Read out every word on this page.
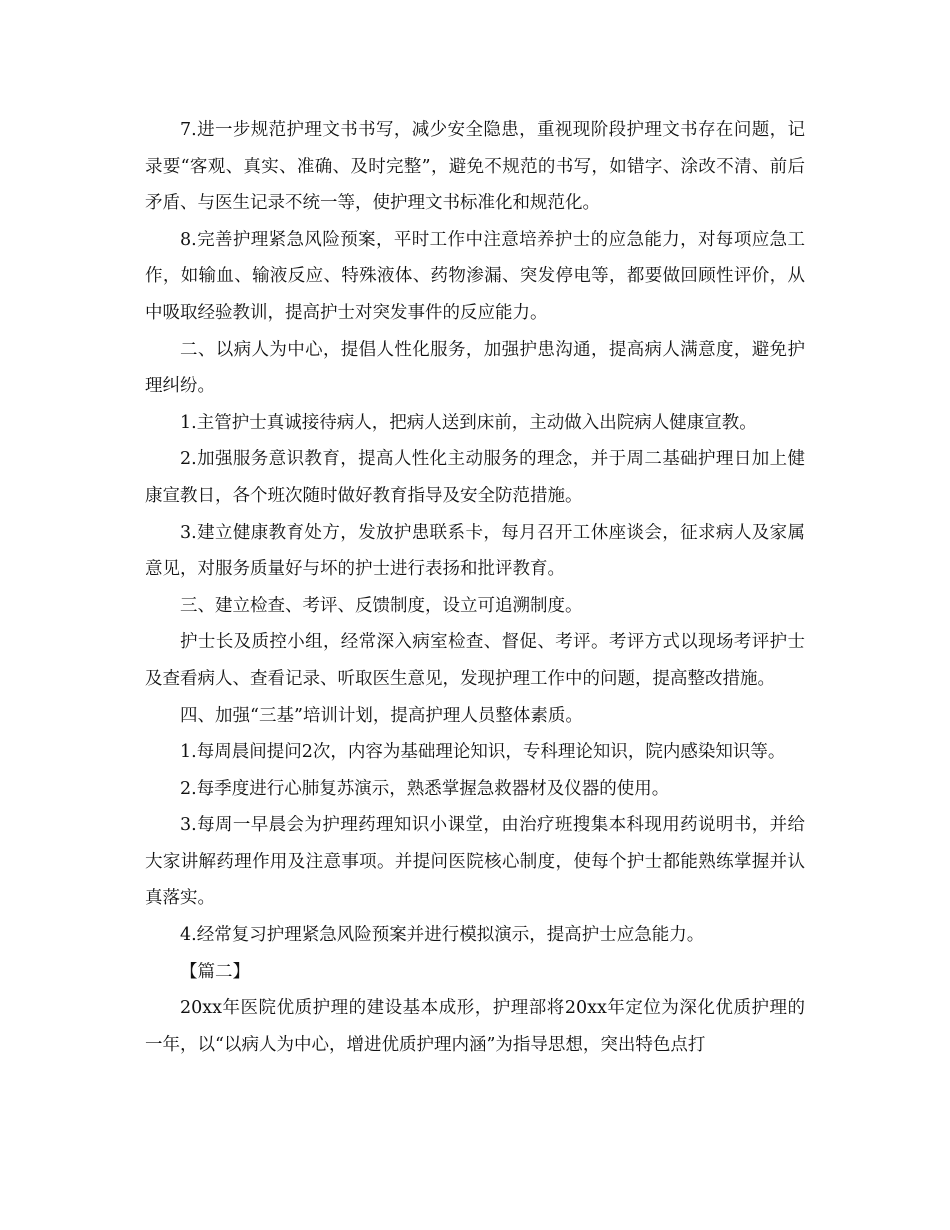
7.进一步规范护理文书书写，减少安全隐患，重视现阶段护理文书存在问题，记录要“客观、真实、准确、及时完整”，避免不规范的书写，如错字、涂改不清、前后矛盾、与医生记录不统一等，使护理文书标准化和规范化。

8.完善护理紧急风险预案，平时工作中注意培养护士的应急能力，对每项应急工作，如输血、输液反应、特殊液体、药物渗漏、突发停电等，都要做回顾性评价，从中吸取经验教训，提高护士对突发事件的反应能力。

二、以病人为中心，提倡人性化服务，加强护患沟通，提高病人满意度，避免护理纠纷。

1.主管护士真诚接待病人，把病人送到床前，主动做入出院病人健康宣教。

2.加强服务意识教育，提高人性化主动服务的理念，并于周二基础护理日加上健康宣教日，各个班次随时做好教育指导及安全防范措施。

3.建立健康教育处方，发放护患联系卡，每月召开工休座谈会，征求病人及家属意见，对服务质量好与坏的护士进行表扬和批评教育。

三、建立检查、考评、反馈制度，设立可追溯制度。

护士长及质控小组，经常深入病室检查、督促、考评。考评方式以现场考评护士及查看病人、查看记录、听取医生意见，发现护理工作中的问题，提高整改措施。

四、加强“三基”培训计划，提高护理人员整体素质。

1.每周晨间提问2次，内容为基础理论知识，专科理论知识，院内感染知识等。

2.每季度进行心肺复苏演示，熟悉掌握急救器材及仪器的使用。

3.每周一早晨会为护理药理知识小课堂，由治疗班搜集本科现用药说明书，并给大家讲解药理作用及注意事项。并提问医院核心制度，使每个护士都能熟练掌握并认真落实。

4.经常复习护理紧急风险预案并进行模拟演示，提高护士应急能力。

【篇二】

20xx年医院优质护理的建设基本成形，护理部将20xx年定位为深化优质护理的一年，以“以病人为中心，增进优质护理内涵”为指导思想，突出特色点打
